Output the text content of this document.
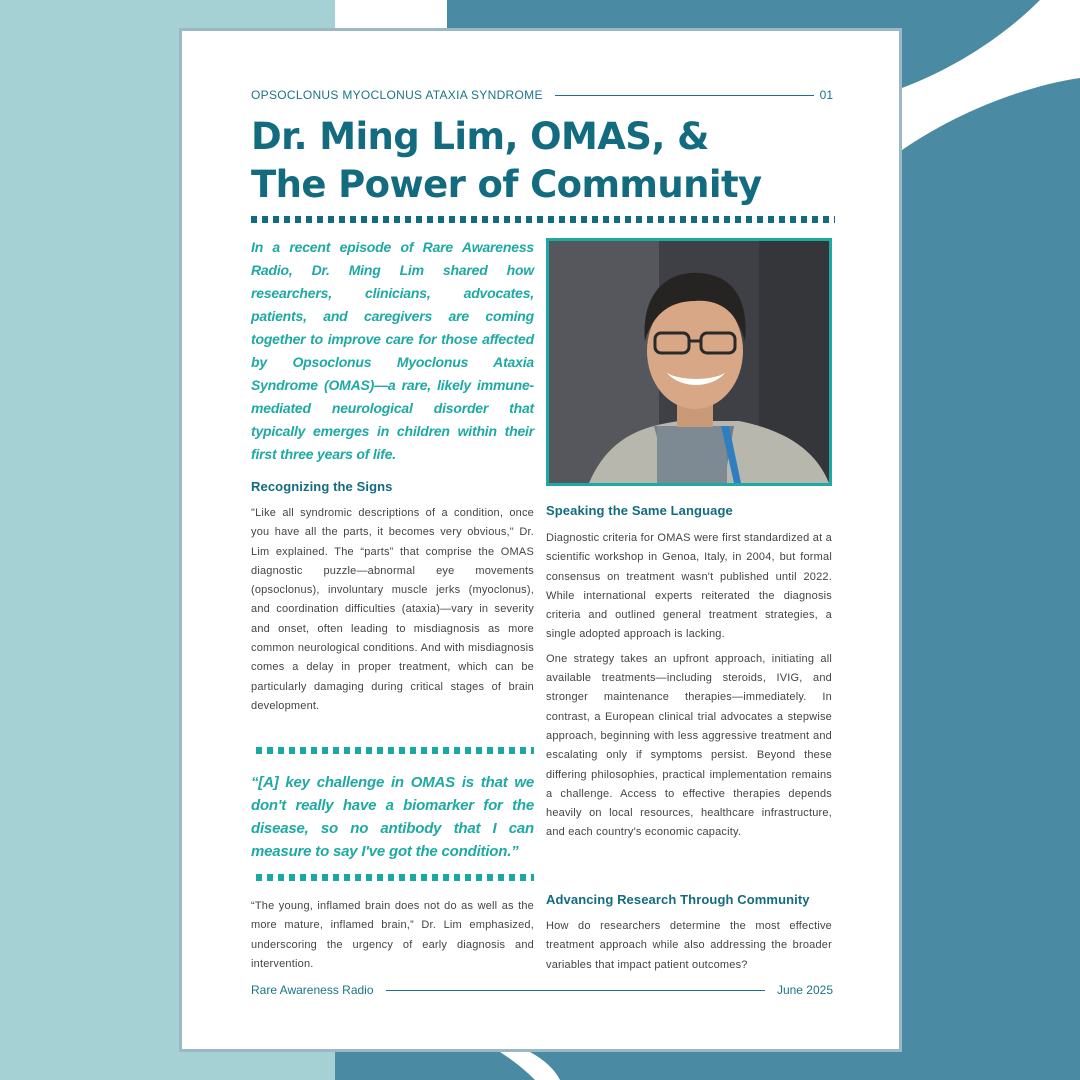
OPSOCLONUS MYOCLONUS ATAXIA SYNDROME	01
Dr. Ming Lim, OMAS, &
The Power of Community
In a recent episode of Rare Awareness Radio, Dr. Ming Lim shared how researchers, clinicians, advocates, patients, and caregivers are coming together to improve care for those affected by Opsoclonus Myoclonus Ataxia Syndrome (OMAS)—a rare, likely immune-mediated neurological disorder that typically emerges in children within their first three years of life.
Recognizing the Signs
"Like all syndromic descriptions of a condition, once you have all the parts, it becomes very obvious," Dr. Lim explained. The “parts” that comprise the OMAS diagnostic puzzle—abnormal eye movements (opsoclonus), involuntary muscle jerks (myoclonus), and coordination difficulties (ataxia)—vary in severity and onset, often leading to misdiagnosis as more common neurological conditions. And with misdiagnosis comes a delay in proper treatment, which can be particularly damaging during critical stages of brain development.
“[A] key challenge in OMAS is that we don't really have a biomarker for the disease, so no antibody that I can measure to say I've got the condition.”
“The young, inflamed brain does not do as well as the more mature, inflamed brain,” Dr. Lim emphasized, underscoring the urgency of early diagnosis and intervention.
Speaking the Same Language

Diagnostic criteria for OMAS were first standardized at a scientific workshop in Genoa, Italy, in 2004, but formal consensus on treatment wasn't published until 2022. While international experts reiterated the diagnosis criteria and outlined general treatment strategies, a single adopted approach is lacking.

One strategy takes an upfront approach, initiating all available treatments—including steroids, IVIG, and stronger maintenance therapies—immediately. In contrast, a European clinical trial advocates a stepwise approach, beginning with less aggressive treatment and escalating only if symptoms persist. Beyond these differing philosophies, practical implementation remains a challenge. Access to effective therapies depends heavily on local resources, healthcare infrastructure, and each country's economic capacity.

Advancing Research Through Community
How do researchers determine the most effective treatment approach while also addressing the broader variables that impact patient outcomes?
Rare Awareness Radio	June 2025
